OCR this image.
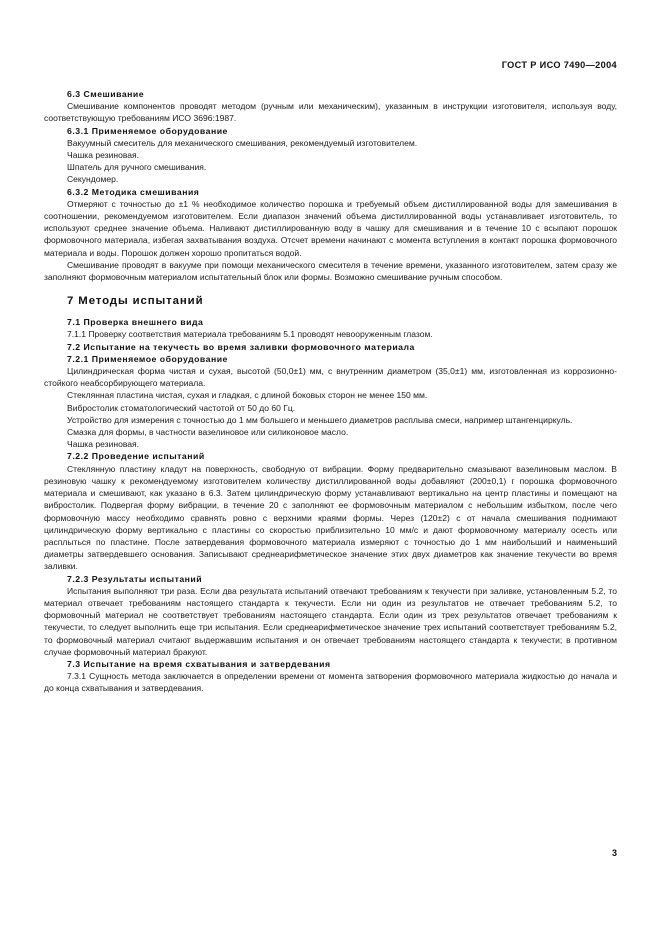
ГОСТ Р ИСО 7490—2004

6.3 Смешивание

Смешивание компонентов проводят методом (ручным или механическим), указанным в инструкции изготовителя, используя воду, соответствующую требованиям ИСО 3696:1987.

6.3.1 Применяемое оборудование

Вакуумный смеситель для механического смешивания, рекомендуемый изготовителем.

Чашка резиновая.

Шпатель для ручного смешивания.

Секундомер.

6.3.2 Методика смешивания

Отмеряют с точностью до ±1 % необходимое количество порошка и требуемый объем дистиллированной воды для замешивания в соотношении, рекомендуемом изготовителем. Если диапазон значений объема дистиллированной воды устанавливает изготовитель, то используют среднее значение объема. Наливают дистиллированную воду в чашку для смешивания и в течение 10 с всыпают порошок формовочного материала, избегая захватывания воздуха. Отсчет времени начинают с момента вступления в контакт порошка формовочного материала и воды. Порошок должен хорошо пропитаться водой.

Смешивание проводят в вакууме при помощи механического смесителя в течение времени, указанного изготовителем, затем сразу же заполняют формовочным материалом испытательный блок или формы. Возможно смешивание ручным способом.

7 Методы испытаний

7.1 Проверка внешнего вида

7.1.1 Проверку соответствия материала требованиям 5.1 проводят невооруженным глазом.

7.2 Испытание на текучесть во время заливки формовочного материала

7.2.1 Применяемое оборудование

Цилиндрическая форма чистая и сухая, высотой (50,0±1) мм, с внутренним диаметром (35,0±1) мм, изготовленная из коррозионно-стойкого неабсорбирующего материала.

Стеклянная пластина чистая, сухая и гладкая, с длиной боковых сторон не менее 150 мм.

Вибростолик стоматологический частотой от 50 до 60 Гц.

Устройство для измерения с точностью до 1 мм большего и меньшего диаметров расплыва смеси, например штангенциркуль.

Смазка для формы, в частности вазелиновое или силиконовое масло.

Чашка резиновая.

7.2.2 Проведение испытаний

Стеклянную пластину кладут на поверхность, свободную от вибрации. Форму предварительно смазывают вазелиновым маслом. В резиновую чашку к рекомендуемому изготовителем количеству дистиллированной воды добавляют (200±0,1) г порошка формовочного материала и смешивают, как указано в 6.3. Затем цилиндрическую форму устанавливают вертикально на центр пластины и помещают на вибростолик. Подвергая форму вибрации, в течение 20 с заполняют ее формовочным материалом с небольшим избытком, после чего формовочную массу необходимо сравнять ровно с верхними краями формы. Через (120±2) с от начала смешивания поднимают цилиндрическую форму вертикально с пластины со скоростью приблизительно 10 мм/с и дают формовочному материалу осесть или расплыться по пластине. После затвердевания формовочного материала измеряют с точностью до 1 мм наибольший и наименьший диаметры затвердевшего основания. Записывают среднеарифметическое значение этих двух диаметров как значение текучести во время заливки.

7.2.3 Результаты испытаний

Испытания выполняют три раза. Если два результата испытаний отвечают требованиям к текучести при заливке, установленным 5.2, то материал отвечает требованиям настоящего стандарта к текучести. Если ни один из результатов не отвечает требованиям 5.2, то формовочный материал не соответствует требованиям настоящего стандарта. Если один из трех результатов отвечает требованиям к текучести, то следует выполнить еще три испытания. Если среднеарифметическое значение трех испытаний соответствует требованиям 5.2, то формовочный материал считают выдержавшим испытания и он отвечает требованиям настоящего стандарта к текучести; в противном случае формовочный материал бракуют.

7.3 Испытание на время схватывания и затвердевания

7.3.1 Сущность метода заключается в определении времени от момента затворения формовочного материала жидкостью до начала и до конца схватывания и затвердевания.

3
